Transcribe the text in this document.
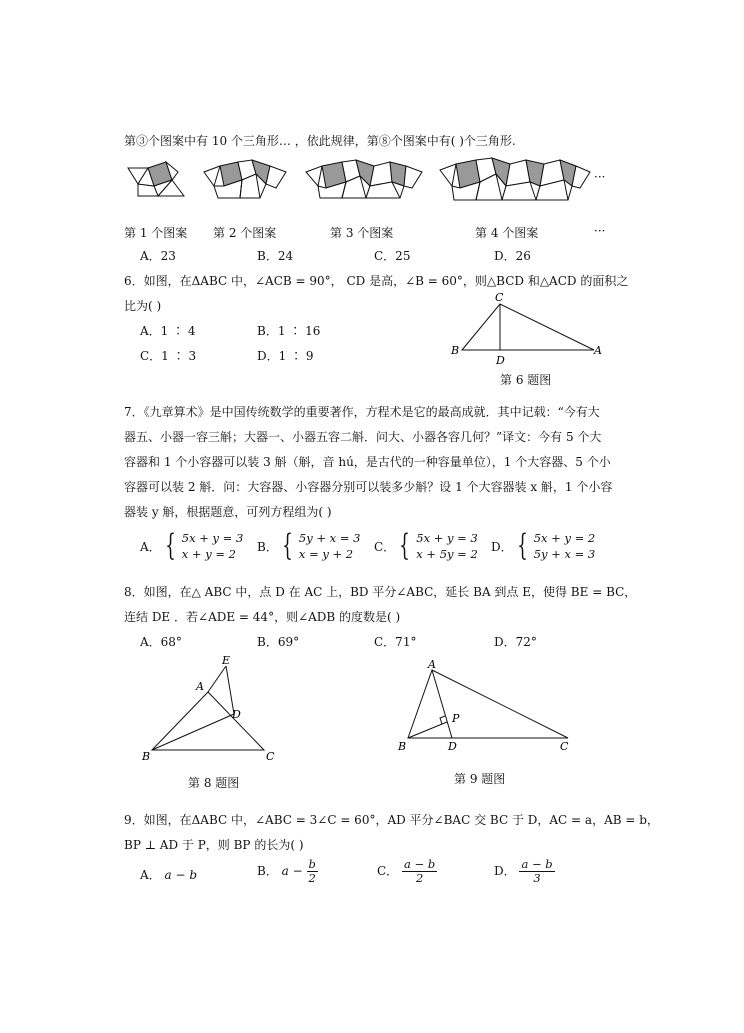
第③个图案中有 10 个三角形… ，依此规律，第⑧个图案中有( )个三角形.
···
第 1 个图案 第 2 个图案	第 3 个图案	第 4 个图案	···
A．23	B．24	C．25	D．26
6．如图，在ΔABC 中，∠ACB = 90°， CD 是高，∠B = 60°，则△BCD 和△ACD 的面积之
比为( )
A．1 ∶ 4	B．1 ∶ 16
C．1 ∶ 3	D．1 ∶ 9
C
B
D
A
第 6 题图
7．《九章算术》是中国传统数学的重要著作，方程术是它的最高成就．其中记载：“今有大
器五、小器一容三斛；大器一、小器五容二斛．问大、小器各容几何？”译文：今有 5 个大
容器和 1 个小容器可以装 3 斛（斛，音 hú，是古代的一种容量单位），1 个大容器、5 个小
容器可以装 2 斛．问：大容器、小容器分别可以装多少斛？设 1 个大容器装 x 斛，1 个小容
器装 y 斛，根据题意，可列方程组为( )
A． { 5x + y = 3
x + y = 2
B． { 5y + x = 3
x = y + 2
C． { 5x + y = 3
x + 5y = 2
D． { 5x + y = 2
5y + x = 3
8．如图，在△ ABC 中，点 D 在 AC 上，BD 平分∠ABC，延长 BA 到点 E，使得 BE = BC，
连结 DE ．若∠ADE = 44°，则∠ADB 的度数是( )
A．68°	B．69°	C．71°	D．72°
E
A
D
B	C
第 8 题图
A
P
B	D	C
第 9 题图
9．如图，在ΔABC 中，∠ABC = 3∠C = 60°，AD 平分∠BAC 交 BC 于 D，AC = a，AB = b，
BP ⊥ AD 于 P，则 BP 的长为( )
A． a − b	B． $a - \frac{b}{2}$	C． $\frac{a - b}{2}$	D． $\frac{a - b}{3}$
